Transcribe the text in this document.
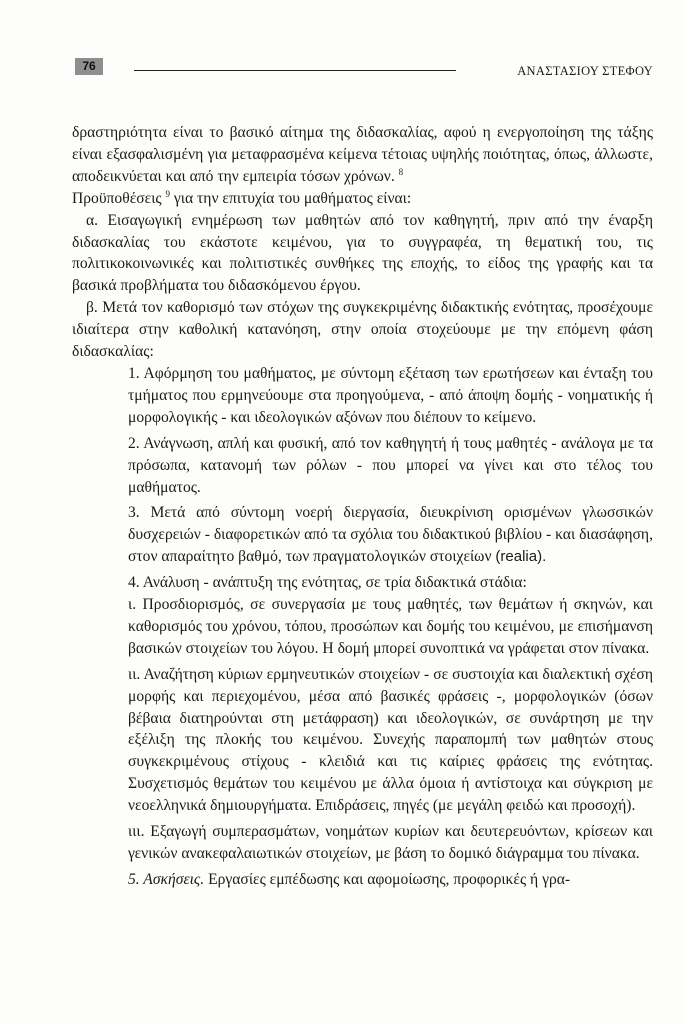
76	ΑΝΑΣΤΑΣΙΟΥ ΣΤΕΦΟΥ

δραστηριότητα είναι το βασικό αίτημα της διδασκαλίας, αφού η ενεργοποίηση της τάξης είναι εξασφαλισμένη για μεταφρασμένα κείμενα τέτοιας υψηλής ποιότητας, όπως, άλλωστε, αποδεικνύεται και από την εμπειρία τόσων χρόνων. $^8$

Προϋποθέσεις $^9$ για την επιτυχία του μαθήματος είναι:

α. Εισαγωγική ενημέρωση των μαθητών από τον καθηγητή, πριν από την έναρξη διδασκαλίας του εκάστοτε κειμένου, για το συγγραφέα, τη θεματική του, τις πολιτικοκοινωνικές και πολιτιστικές συνθήκες της εποχής, το είδος της γραφής και τα βασικά προβλήματα του διδασκόμενου έργου.

β. Μετά τον καθορισμό των στόχων της συγκεκριμένης διδακτικής ενότητας, προσέχουμε ιδιαίτερα στην καθολική κατανόηση, στην οποία στοχεύουμε με την επόμενη φάση διδασκαλίας:

1. Αφόρμηση του μαθήματος, με σύντομη εξέταση των ερωτήσεων και ένταξη του τμήματος που ερμηνεύουμε στα προηγούμενα, - από άποψη δομής - νοηματικής ή μορφολογικής - και ιδεολογικών αξόνων που διέπουν το κείμενο.

2. Ανάγνωση, απλή και φυσική, από τον καθηγητή ή τους μαθητές - ανάλογα με τα πρόσωπα, κατανομή των ρόλων - που μπορεί να γίνει και στο τέλος του μαθήματος.

3. Μετά από σύντομη νοερή διεργασία, διευκρίνιση ορισμένων γλωσσικών δυσχερειών - διαφορετικών από τα σχόλια του διδακτικού βιβλίου - και διασάφηση, στον απαραίτητο βαθμό, των πραγματολογικών στοιχείων (realia).

4. Ανάλυση - ανάπτυξη της ενότητας, σε τρία διδακτικά στάδια:

ι. Προσδιορισμός, σε συνεργασία με τους μαθητές, των θεμάτων ή σκηνών, και καθορισμός του χρόνου, τόπου, προσώπων και δομής του κειμένου, με επισήμανση βασικών στοιχείων του λόγου. Η δομή μπορεί συνοπτικά να γράφεται στον πίνακα.

ιι. Αναζήτηση κύριων ερμηνευτικών στοιχείων - σε συστοιχία και διαλεκτική σχέση μορφής και περιεχομένου, μέσα από βασικές φράσεις -, μορφολογικών (όσων βέβαια διατηρούνται στη μετάφραση) και ιδεολογικών, σε συνάρτηση με την εξέλιξη της πλοκής του κειμένου. Συνεχής παραπομπή των μαθητών στους συγκεκριμένους στίχους - κλειδιά και τις καίριες φράσεις της ενότητας. Συσχετισμός θεμάτων του κειμένου με άλλα όμοια ή αντίστοιχα και σύγκριση με νεοελληνικά δημιουργήματα. Επιδράσεις, πηγές (με μεγάλη φειδώ και προσοχή).

ιιι. Εξαγωγή συμπερασμάτων, νοημάτων κυρίων και δευτερευόντων, κρίσεων και γενικών ανακεφαλαιωτικών στοιχείων, με βάση το δομικό διάγραμμα του πίνακα.

5. Ασκήσεις. Εργασίες εμπέδωσης και αφομοίωσης, προφορικές ή γρα-
